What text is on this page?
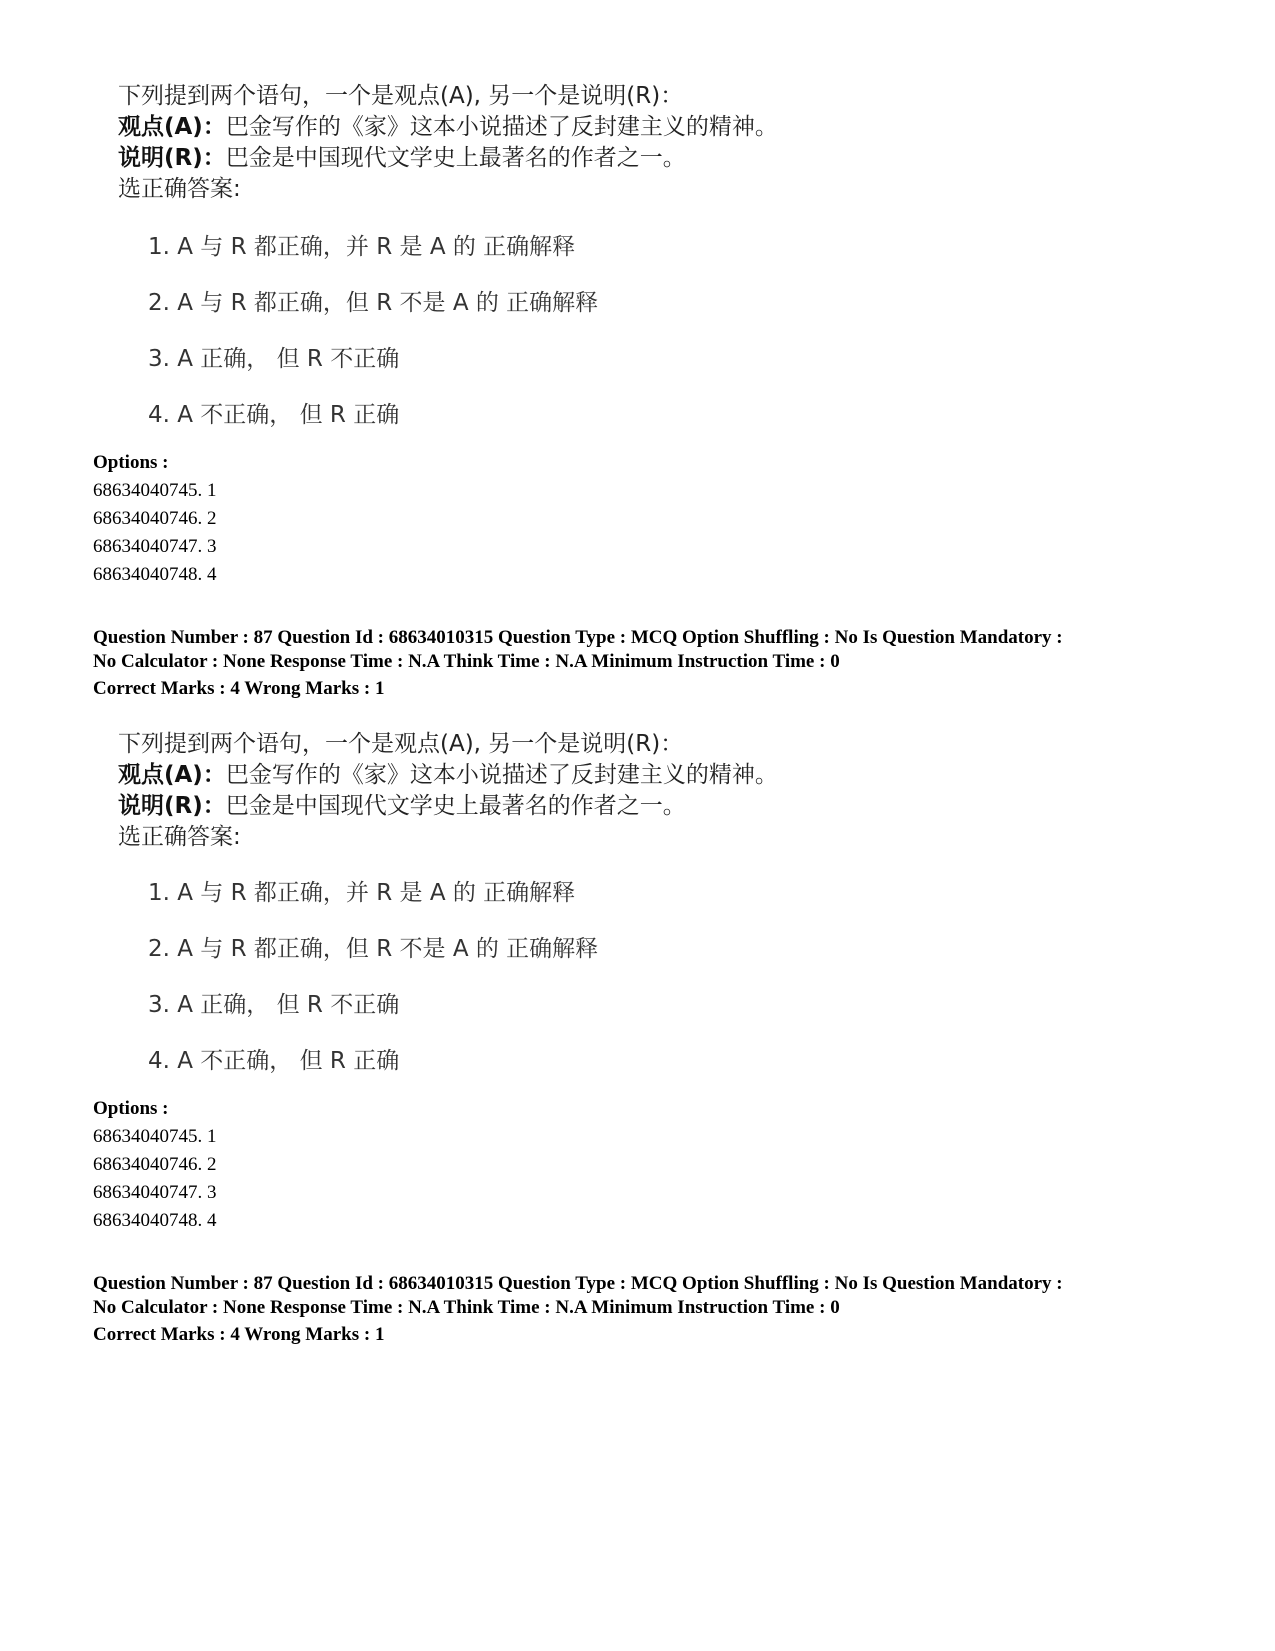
下列提到两个语句，一个是观点(A), 另一个是说明(R)：
观点(A)：巴金写作的《家》这本小说描述了反封建主义的精神。
说明(R)：巴金是中国现代文学史上最著名的作者之一。
选正确答案:
1. A 与 R 都正确，并 R 是 A 的 正确解释
2. A 与 R 都正确，但 R 不是 A 的 正确解释
3. A 正确， 但 R 不正确
4. A 不正确， 但 R 正确
Options :
68634040745. 1
68634040746. 2
68634040747. 3
68634040748. 4
Question Number : 87 Question Id : 68634010315 Question Type : MCQ Option Shuffling : No Is Question Mandatory :
No Calculator : None Response Time : N.A Think Time : N.A Minimum Instruction Time : 0
Correct Marks : 4 Wrong Marks : 1
下列提到两个语句，一个是观点(A), 另一个是说明(R)：
观点(A)：巴金写作的《家》这本小说描述了反封建主义的精神。
说明(R)：巴金是中国现代文学史上最著名的作者之一。
选正确答案:
1. A 与 R 都正确，并 R 是 A 的 正确解释
2. A 与 R 都正确，但 R 不是 A 的 正确解释
3. A 正确， 但 R 不正确
4. A 不正确， 但 R 正确
Options :
68634040745. 1
68634040746. 2
68634040747. 3
68634040748. 4
Question Number : 87 Question Id : 68634010315 Question Type : MCQ Option Shuffling : No Is Question Mandatory :
No Calculator : None Response Time : N.A Think Time : N.A Minimum Instruction Time : 0
Correct Marks : 4 Wrong Marks : 1
